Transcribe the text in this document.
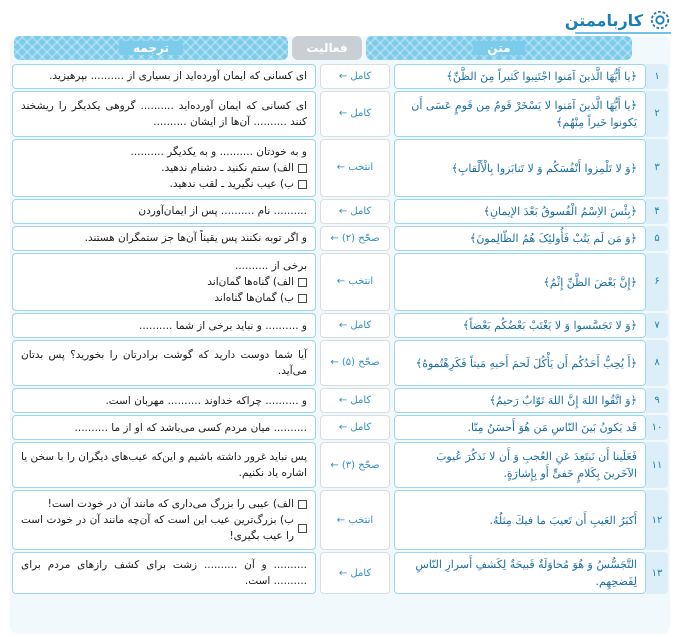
کارباممتن
متن
فعالیت
ترجمه
۱	﴿یا أَیُّهَا الَّذینَ آمَنوا اجْتَنِبوا کَثیراً مِنَ الظَّنِّ﴾		کامل ←		ای کسانی که ایمان آورده‌اید از بسیاری از .......... بپرهیزید.
۲	﴿یا أَیُّهَا الَّذینَ آمَنوا لا یَسْخَرْ قَومٌ مِن قَومٍ عَسَى أَن یَکونوا خَیراً مِنْهُم﴾		کامل ←		ای کسانی که ایمان آورده‌اید .......... گروهی یکدیگر را ریشخند کنند .......... آن‌ها از ایشان ..........
۳	﴿وَ لا تَلْمِزوا أَنْفُسَکُم وَ لا تَنابَزوا بِالْأَلْقابِ﴾		انتخب ←		و به خودتان .......... و به یکدیگر ..........
الف) ستم نکنید ـ دشنام ندهید.
ب) عیب نگیرید ـ لقب ندهید.

۴	﴿بِئْسَ الاِسْمُ الْفُسوقُ بَعْدَ الإیمانِ﴾		کامل ←		.......... نام .......... پس از ایمان‌آوردن
۵	﴿وَ مَن لَم یَتُبْ فَأُولئِکَ هُمُ الظّالِمونَ﴾		صحّح (۲) ←		و اگر توبه نکنند پس یقیناً آن‌ها جز ستمگران هستند.
۶	﴿إِنَّ بَعْضَ الظَّنِّ إِثْمٌ﴾		انتخب ←		برخی از ..........
الف) گناه‌ها گمان‌اند
ب) گمان‌ها گناه‌اند

۷	﴿وَ لا تَجَسَّسوا وَ لا یَغْتَبْ بَعْضُکُم بَعْضاً﴾		کامل ←		و .......... و نباید برخی از شما ..........
۸	﴿أَ یُحِبُّ أَحَدُکُم أَن یَأْکُلَ لَحمَ أَخیهِ مَیتاً فَکَرِهْتُموهُ﴾		صحّح (۵) ←		آیا شما دوست دارید که گوشت برادرتان را بخورید؟ پس بدتان می‌آید.
۹	﴿وَ اتَّقُوا اللهَ إِنَّ اللهَ تَوّابٌ رَحیمٌ﴾		کامل ←		و .......... چراکه خداوند .......... مهربان است.
۱۰	قَد یَکونُ بَینَ النّاسِ مَن هُوَ أَحسَنُ مِنّا.		کامل ←		.......... میان مردم کسی می‌باشد که او از ما ..........
۱۱	فَعَلَینا أَن نَبتَعِدَ عَنِ العُجبِ وَ أَن لا نَذکُرَ عُیوبَ الآخَرینَ بِکَلامٍ خَفیٍّ أَو بِإِشارَةٍ.		صحّح (۳) ←		پس نباید غرور داشته باشیم و این‌که عیب‌های دیگران را با سخن یا اشاره یاد نکنیم.
۱۲	أَکبَرُ العَیبِ أَن تَعیبَ ما فیكَ مِثلُهُ.		انتخب ←		الف) عیبی را بزرگ می‌داری که مانند آن در خودت است!
ب) بزرگ‌ترین عیب این است که آن‌چه مانند آن در خودت است را عیب بگیری!

۱۳	التَّجَسُّسُ وَ هُوَ مُحاوَلَةٌ قَبیحَةٌ لِکَشفِ أَسرارِ النّاسِ لِفَضحِهِم.		کامل ←		.......... و آن .......... زشت برای کشف رازهای مردم برای .......... است.
